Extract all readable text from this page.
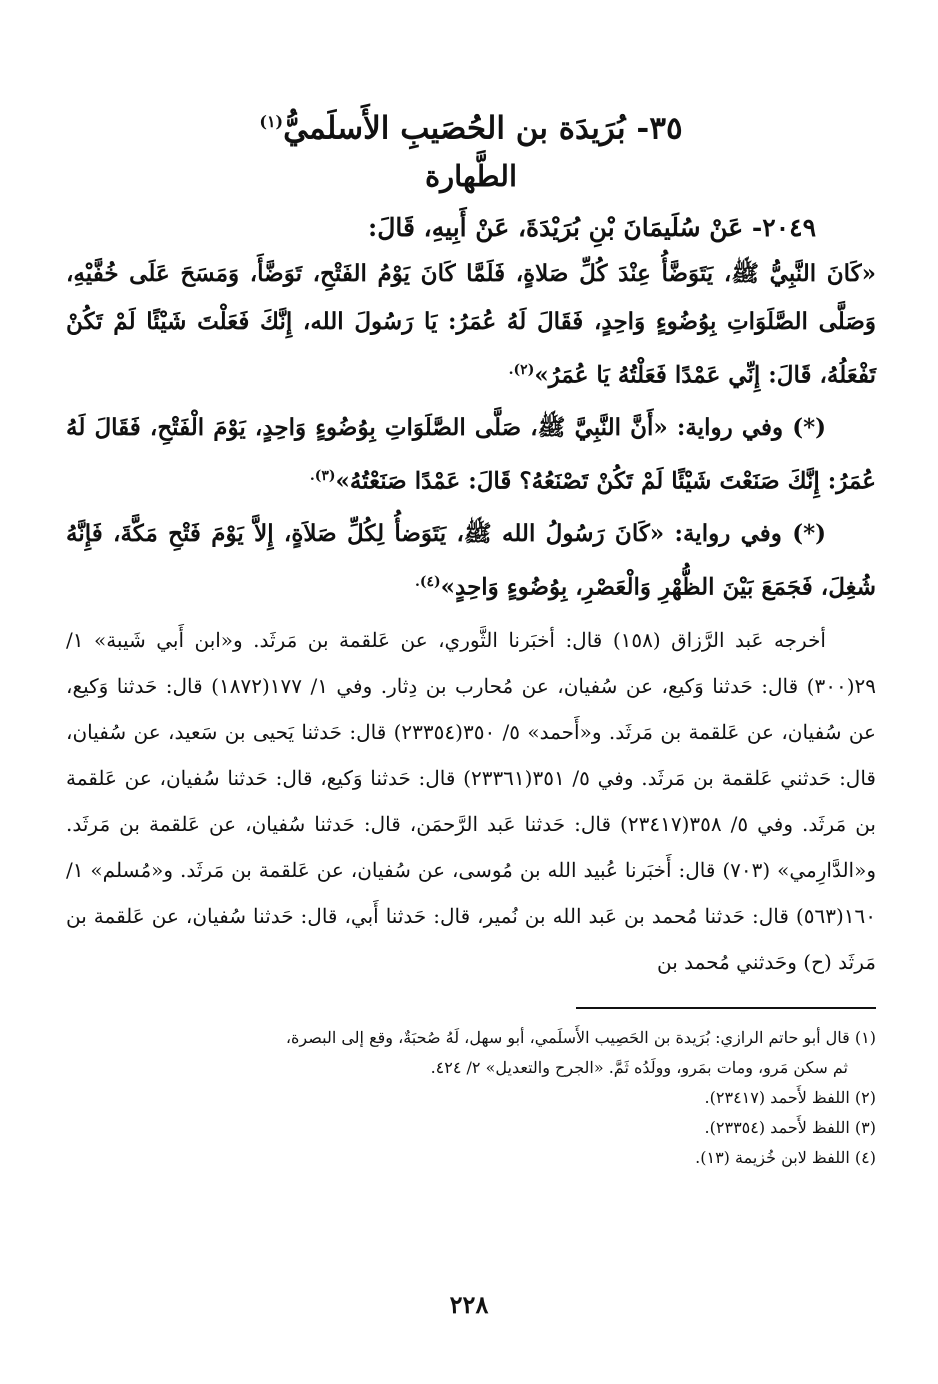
٣٥- بُرَيدَة بن الحُصَيبِ الأَسلَميُّ$^{(١)}$
الطَّهارة

٢٠٤٩- عَنْ سُلَيمَانَ بْنِ بُرَيْدَةَ، عَنْ أَبِيهِ، قَالَ:

«كَانَ النَّبِيُّ ﷺ، يَتَوَضَّأُ عِنْدَ كُلِّ صَلاةٍ، فَلَمَّا كَانَ يَوْمُ الفَتْحِ، تَوَضَّأَ، وَمَسَحَ عَلَى خُفَّيْهِ، وَصَلَّى الصَّلَوَاتِ بِوُضُوءٍ وَاحِدٍ، فَقَالَ لَهُ عُمَرُ: يَا رَسُولَ الله، إِنَّكَ فَعَلْتَ شَيْئًا لَمْ تَكُنْ تَفْعَلُهُ، قَالَ: إِنِّي عَمْدًا فَعَلْتُهُ يَا عُمَرُ»$^{(٢).}$

(*) وفي رواية: «أَنَّ النَّبِيَّ ﷺ، صَلَّى الصَّلَوَاتِ بِوُضُوءٍ وَاحِدٍ، يَوْمَ الْفَتْحِ، فَقَالَ لَهُ عُمَرُ: إِنَّكَ صَنَعْتَ شَيْئًا لَمْ تَكُنْ تَصْنَعُهُ؟ قَالَ: عَمْدًا صَنَعْتُهُ»$^{(٣).}$

(*) وفي رواية: «كَانَ رَسُولُ الله ﷺ، يَتَوَضأُ لِكُلِّ صَلاَةٍ، إِلاَّ يَوْمَ فَتْحِ مَكَّةَ، فَإِنَّهُ شُغِلَ، فَجَمَعَ بَيْنَ الظُّهْرِ وَالْعَصْرِ، بِوُضُوءٍ وَاحِدٍ»$^{(٤).}$

أخرجه عَبد الرَّزاق (١٥٨) قال: أخبَرنا الثَّوري، عن عَلقمة بن مَرثَد. و«ابن أَبي شَيبة» ١/ ٢٩(٣٠٠) قال: حَدثنا وَكيع، عن سُفيان، عن مُحارب بن دِثار. وفي ١/ ١٧٧(١٨٧٢) قال: حَدثنا وَكيع، عن سُفيان، عن عَلقمة بن مَرثَد. و«أَحمد» ٥/ ٣٥٠(٢٣٣٥٤) قال: حَدثنا يَحيى بن سَعيد، عن سُفيان، قال: حَدثني عَلقمة بن مَرثَد. وفي ٥/ ٣٥١(٢٣٣٦١) قال: حَدثنا وَكيع، قال: حَدثنا سُفيان، عن عَلقمة بن مَرثَد. وفي ٥/ ٣٥٨(٢٣٤١٧) قال: حَدثنا عَبد الرَّحمَن، قال: حَدثنا سُفيان، عن عَلقمة بن مَرثَد. و«الدَّارِمي» (٧٠٣) قال: أَخبَرنا عُبيد الله بن مُوسى، عن سُفيان، عن عَلقمة بن مَرثَد. و«مُسلم» ١/ ١٦٠(٥٦٣) قال: حَدثنا مُحمد بن عَبد الله بن نُمير، قال: حَدثنا أَبي، قال: حَدثنا سُفيان، عن عَلقمة بن مَرثَد (ح) وحَدثني مُحمد بن

(١) قال أبو حاتم الرازي: بُرَيدة بن الحَصِيب الأَسلَمي، أبو سهل، لَهُ صُحبَةٌ، وقع إلى البصرة،

ثم سكن مَرو، ومات بمَرو، وولَدُه ثَمَّ. «الجرح والتعديل» ٢/ ٤٢٤.

(٢) اللفظ لأَحمد (٢٣٤١٧).

(٣) اللفظ لأَحمد (٢٣٣٥٤).

(٤) اللفظ لابن خُزيمة (١٣).

٢٢٨
